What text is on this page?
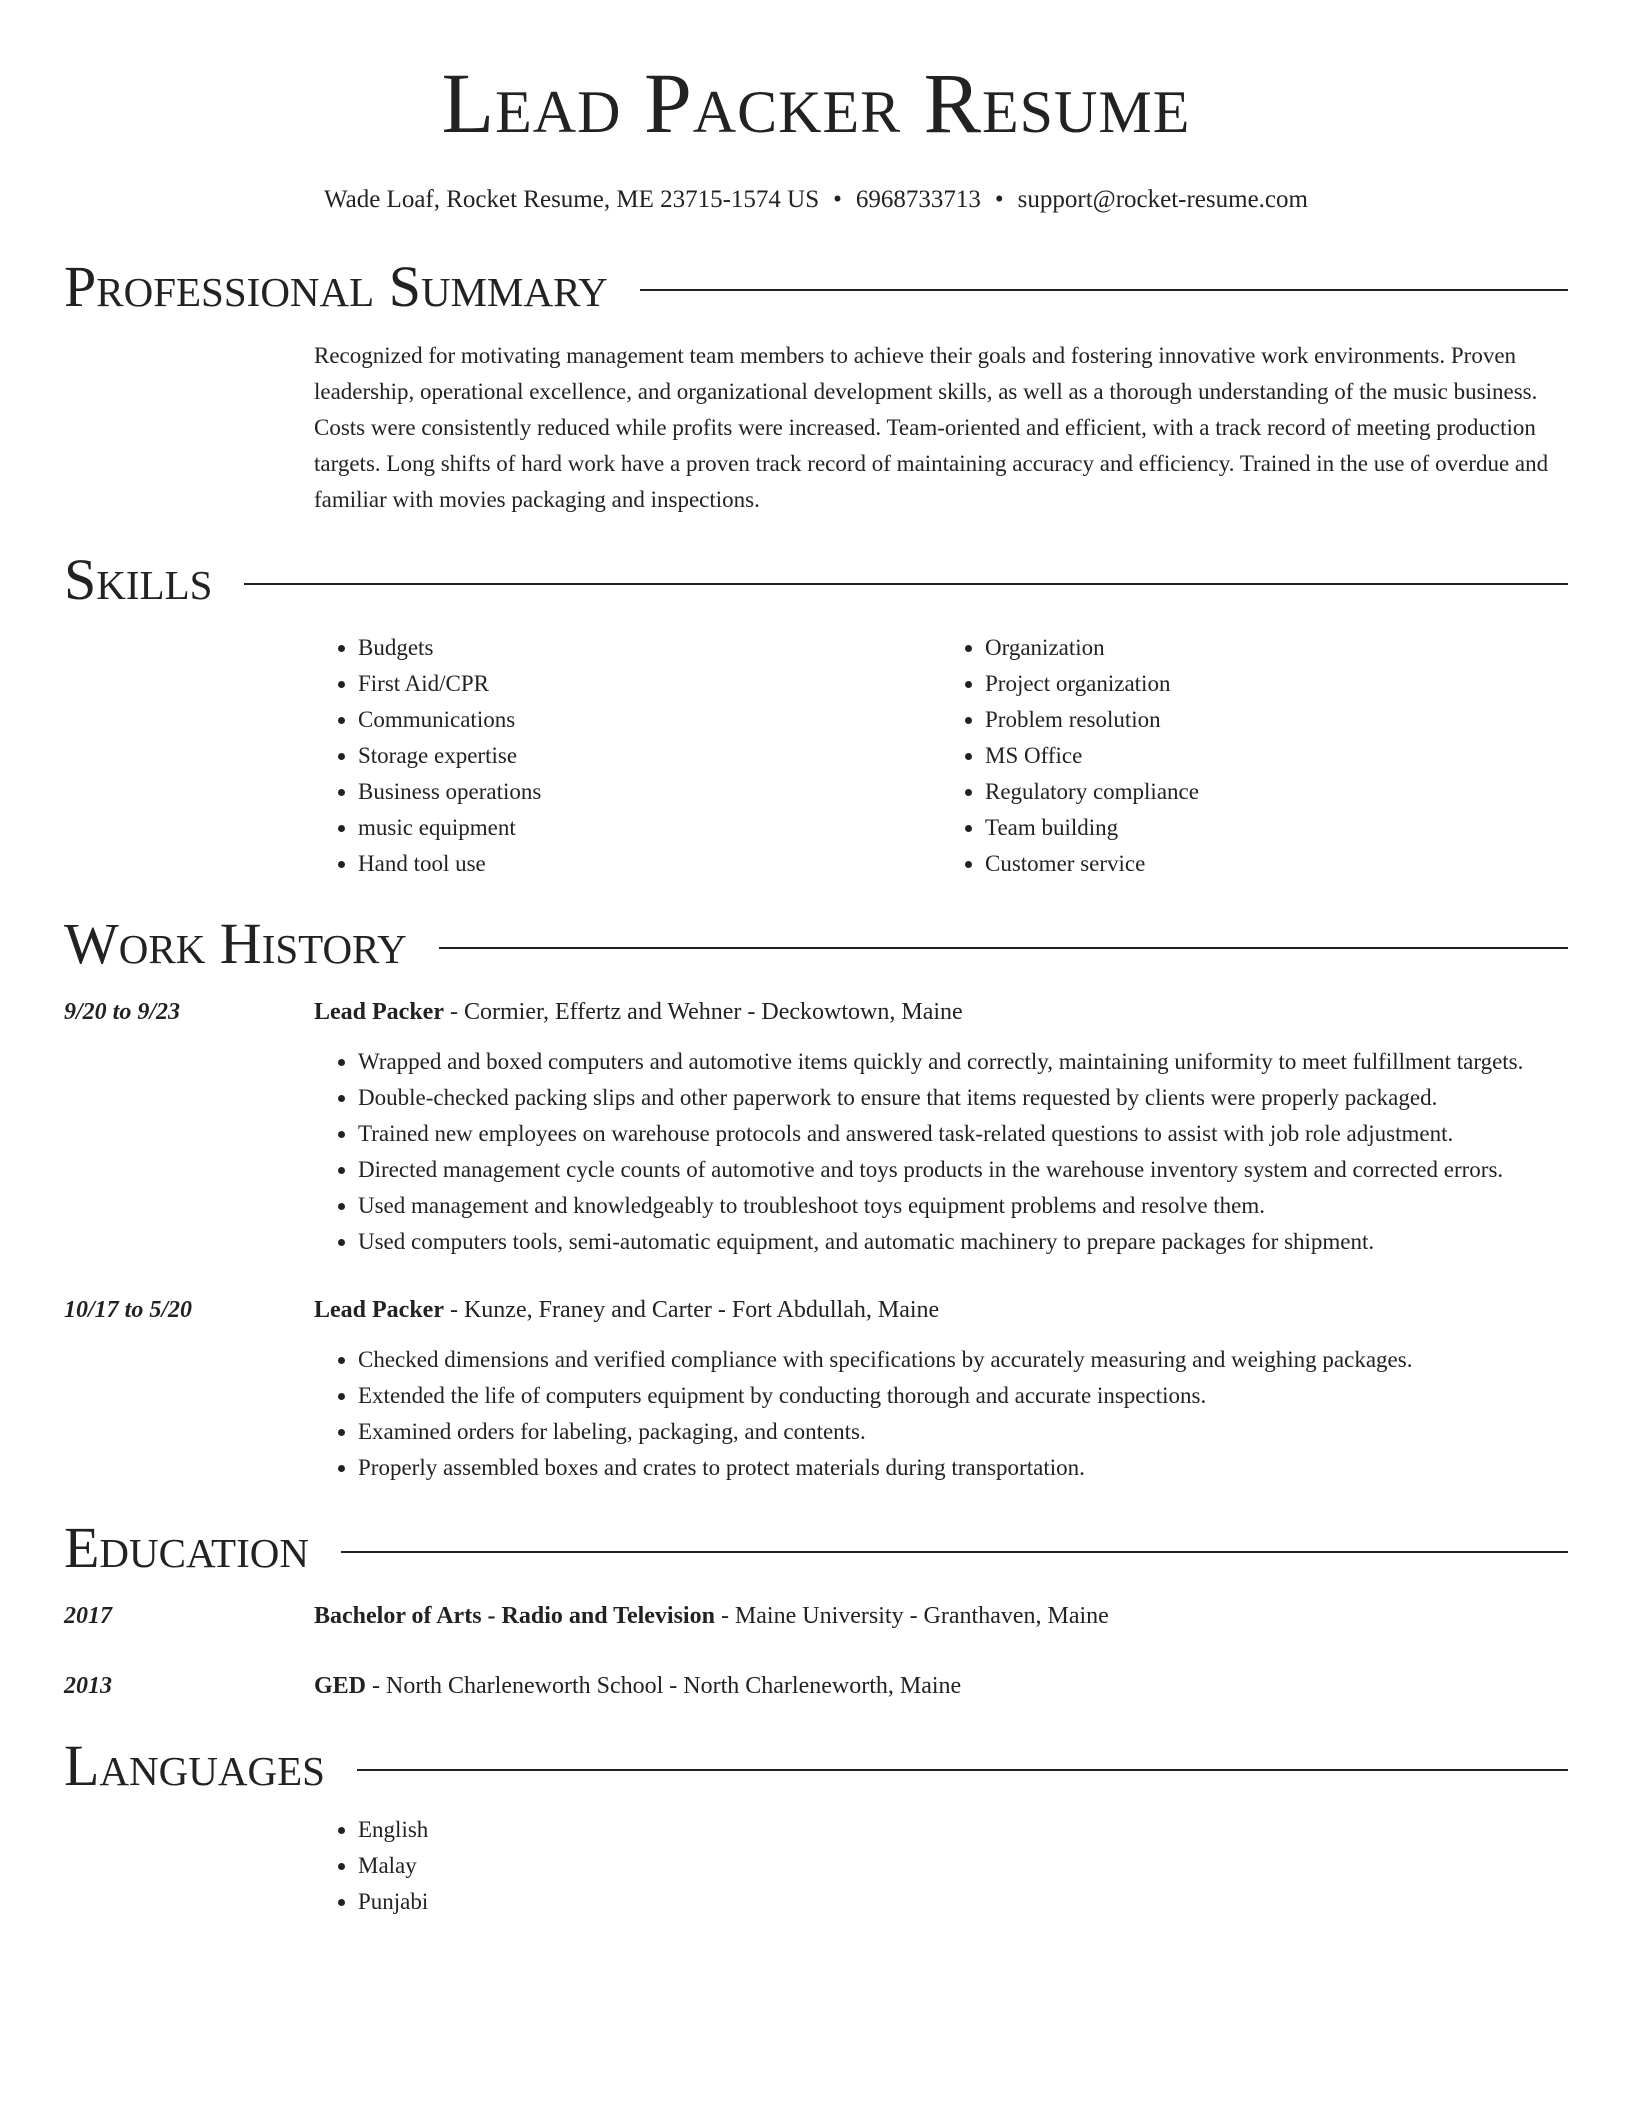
Lead Packer Resume
Wade Loaf, Rocket Resume, ME 23715-1574 US • 6968733713 • support@rocket-resume.com
Professional Summary

Recognized for motivating management team members to achieve their goals and fostering innovative work environments. Proven leadership, operational excellence, and organizational development skills, as well as a thorough understanding of the music business. Costs were consistently reduced while profits were increased. Team-oriented and efficient, with a track record of meeting production targets. Long shifts of hard work have a proven track record of maintaining accuracy and efficiency. Trained in the use of overdue and familiar with movies packaging and inspections.

Skills
• Budgets
• First Aid/CPR
• Communications
• Storage expertise
• Business operations
• music equipment
• Hand tool use
• Organization
• Project organization
• Problem resolution
• MS Office
• Regulatory compliance
• Team building
• Customer service
Work History
9/20 to 9/23	Lead Packer - Cormier, Effertz and Wehner - Deckowtown, Maine
• Wrapped and boxed computers and automotive items quickly and correctly, maintaining uniformity to meet fulfillment targets.
• Double-checked packing slips and other paperwork to ensure that items requested by clients were properly packaged.
• Trained new employees on warehouse protocols and answered task-related questions to assist with job role adjustment.
• Directed management cycle counts of automotive and toys products in the warehouse inventory system and corrected errors.
• Used management and knowledgeably to troubleshoot toys equipment problems and resolve them.
• Used computers tools, semi-automatic equipment, and automatic machinery to prepare packages for shipment.
10/17 to 5/20	Lead Packer - Kunze, Franey and Carter - Fort Abdullah, Maine
• Checked dimensions and verified compliance with specifications by accurately measuring and weighing packages.
• Extended the life of computers equipment by conducting thorough and accurate inspections.
• Examined orders for labeling, packaging, and contents.
• Properly assembled boxes and crates to protect materials during transportation.
Education
2017	Bachelor of Arts - Radio and Television - Maine University - Granthaven, Maine
2013	GED - North Charleneworth School - North Charleneworth, Maine
Languages
• English
• Malay
• Punjabi
